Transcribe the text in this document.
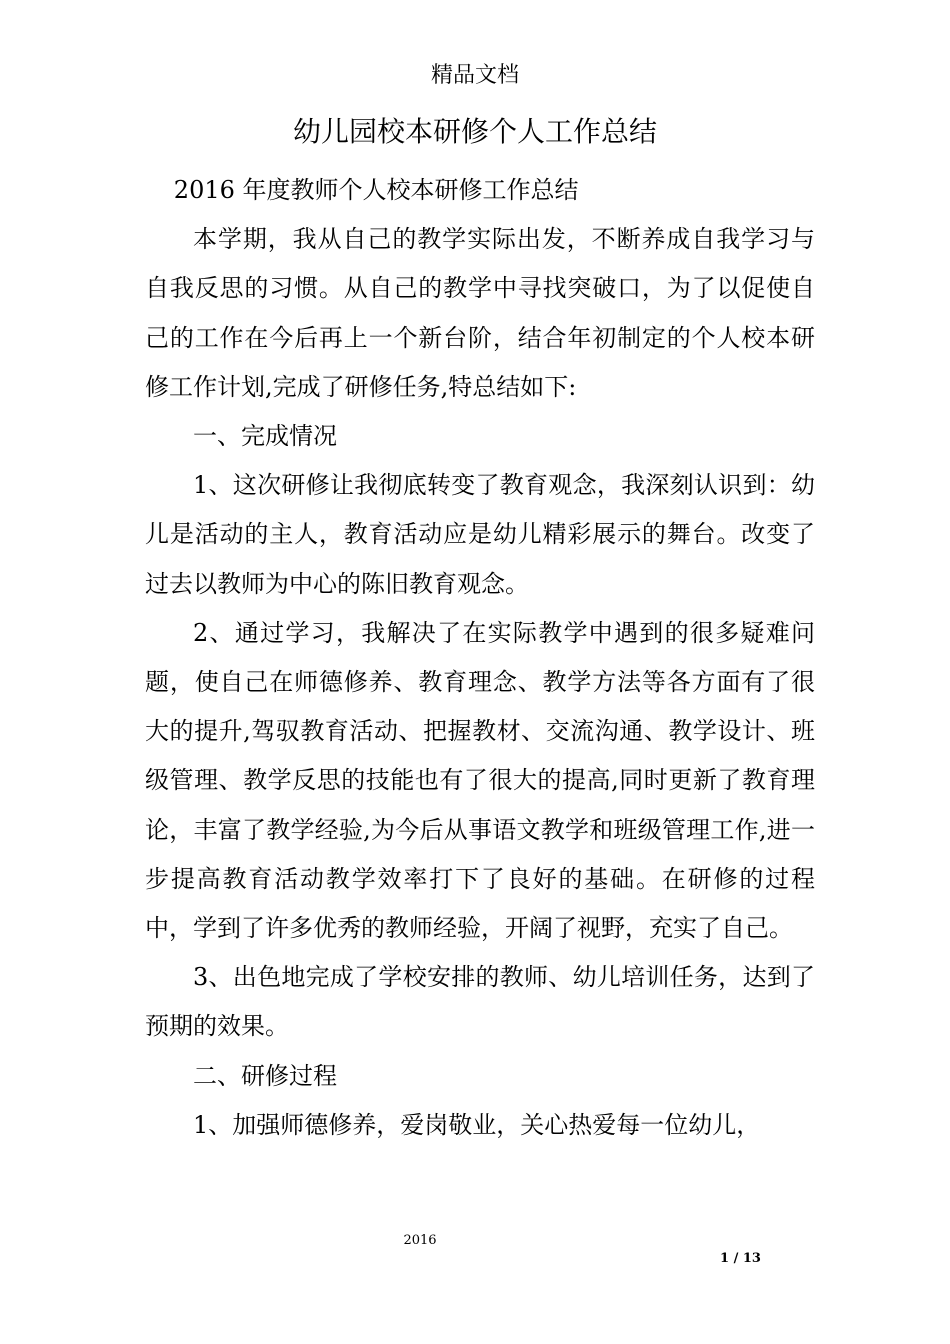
精品文档
幼儿园校本研修个人工作总结

2016 年度教师个人校本研修工作总结

本学期，我从自己的教学实际出发，不断养成自我学习与自我反思的习惯。从自己的教学中寻找突破口，为了以促使自己的工作在今后再上一个新台阶，结合年初制定的个人校本研修工作计划,完成了研修任务,特总结如下:

一、完成情况

1、这次研修让我彻底转变了教育观念，我深刻认识到：幼儿是活动的主人，教育活动应是幼儿精彩展示的舞台。改变了过去以教师为中心的陈旧教育观念。

2、通过学习，我解决了在实际教学中遇到的很多疑难问题，使自己在师德修养、教育理念、教学方法等各方面有了很大的提升,驾驭教育活动、把握教材、交流沟通、教学设计、班级管理、教学反思的技能也有了很大的提高,同时更新了教育理论，丰富了教学经验,为今后从事语文教学和班级管理工作,进一步提高教育活动教学效率打下了良好的基础。在研修的过程中，学到了许多优秀的教师经验，开阔了视野，充实了自己。

3、出色地完成了学校安排的教师、幼儿培训任务，达到了预期的效果。

二、研修过程

1、加强师德修养，爱岗敬业，关心热爱每一位幼儿，

2016
1 / 13
